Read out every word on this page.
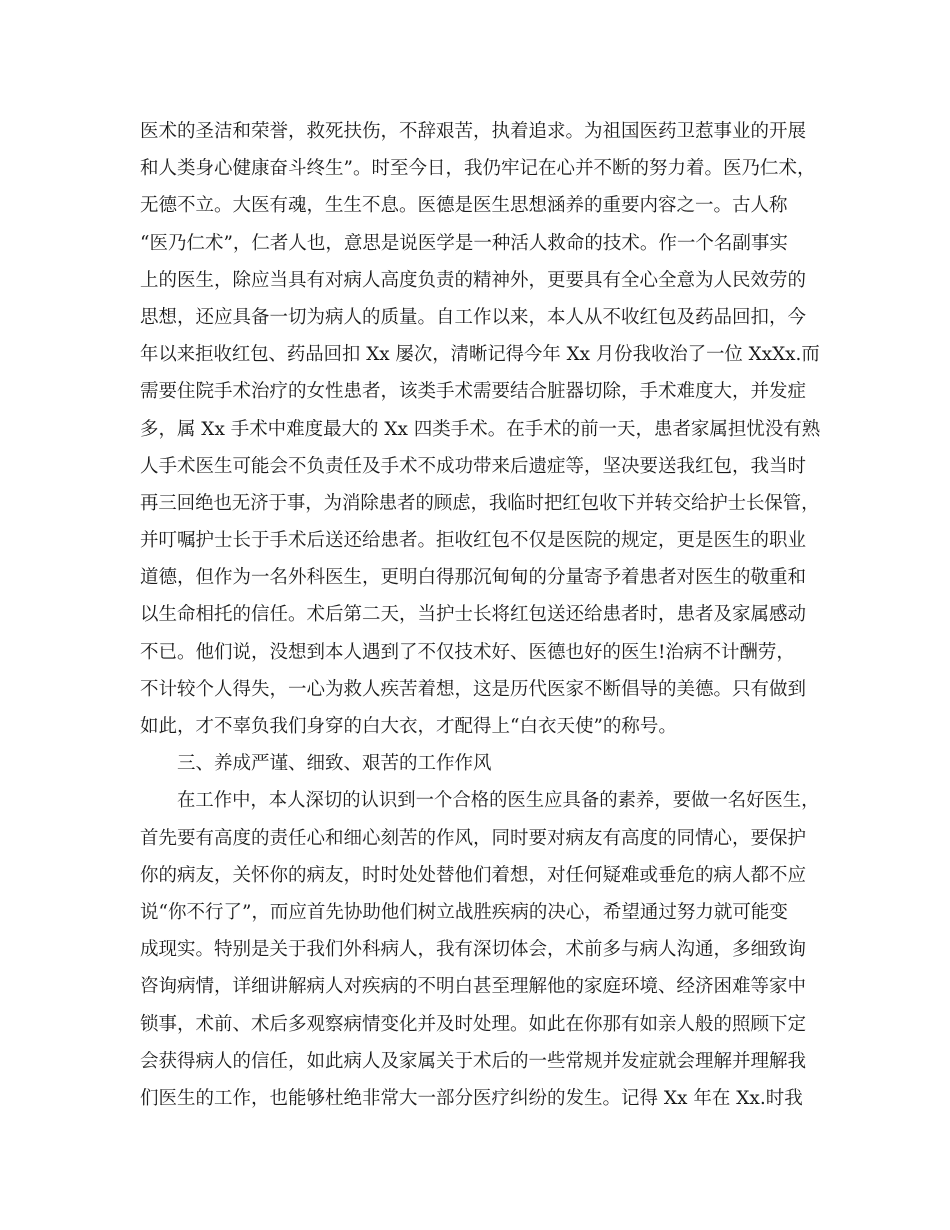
医术的圣洁和荣誉，救死扶伤，不辞艰苦，执着追求。为祖国医药卫惹事业的开展
和人类身心健康奋斗终生”。时至今日，我仍牢记在心并不断的努力着。医乃仁术，
无德不立。大医有魂，生生不息。医德是医生思想涵养的重要内容之一。古人称
“医乃仁术”，仁者人也，意思是说医学是一种活人救命的技术。作一个名副事实
上的医生，除应当具有对病人高度负责的精神外，更要具有全心全意为人民效劳的
思想，还应具备一切为病人的质量。自工作以来，本人从不收红包及药品回扣，今
年以来拒收红包、药品回扣 Xx 屡次，清晰记得今年 Xx 月份我收治了一位 XxXx.而
需要住院手术治疗的女性患者，该类手术需要结合脏器切除，手术难度大，并发症
多，属 Xx 手术中难度最大的 Xx 四类手术。在手术的前一天，患者家属担忧没有熟
人手术医生可能会不负责任及手术不成功带来后遗症等，坚决要送我红包，我当时
再三回绝也无济于事，为消除患者的顾虑，我临时把红包收下并转交给护士长保管，
并叮嘱护士长于手术后送还给患者。拒收红包不仅是医院的规定，更是医生的职业
道德，但作为一名外科医生，更明白得那沉甸甸的分量寄予着患者对医生的敬重和
以生命相托的信任。术后第二天，当护士长将红包送还给患者时，患者及家属感动
不已。他们说，没想到本人遇到了不仅技术好、医德也好的医生!治病不计酬劳，
不计较个人得失，一心为救人疾苦着想，这是历代医家不断倡导的美德。只有做到
如此，才不辜负我们身穿的白大衣，才配得上“白衣天使”的称号。
三、养成严谨、细致、艰苦的工作作风
在工作中，本人深切的认识到一个合格的医生应具备的素养，要做一名好医生，
首先要有高度的责任心和细心刻苦的作风，同时要对病友有高度的同情心，要保护
你的病友，关怀你的病友，时时处处替他们着想，对任何疑难或垂危的病人都不应
说“你不行了”，而应首先协助他们树立战胜疾病的决心，希望通过努力就可能变
成现实。特别是关于我们外科病人，我有深切体会，术前多与病人沟通，多细致询
咨询病情，详细讲解病人对疾病的不明白甚至理解他的家庭环境、经济困难等家中
锁事，术前、术后多观察病情变化并及时处理。如此在你那有如亲人般的照顾下定
会获得病人的信任，如此病人及家属关于术后的一些常规并发症就会理解并理解我
们医生的工作，也能够杜绝非常大一部分医疗纠纷的发生。记得 Xx 年在 Xx.时我
